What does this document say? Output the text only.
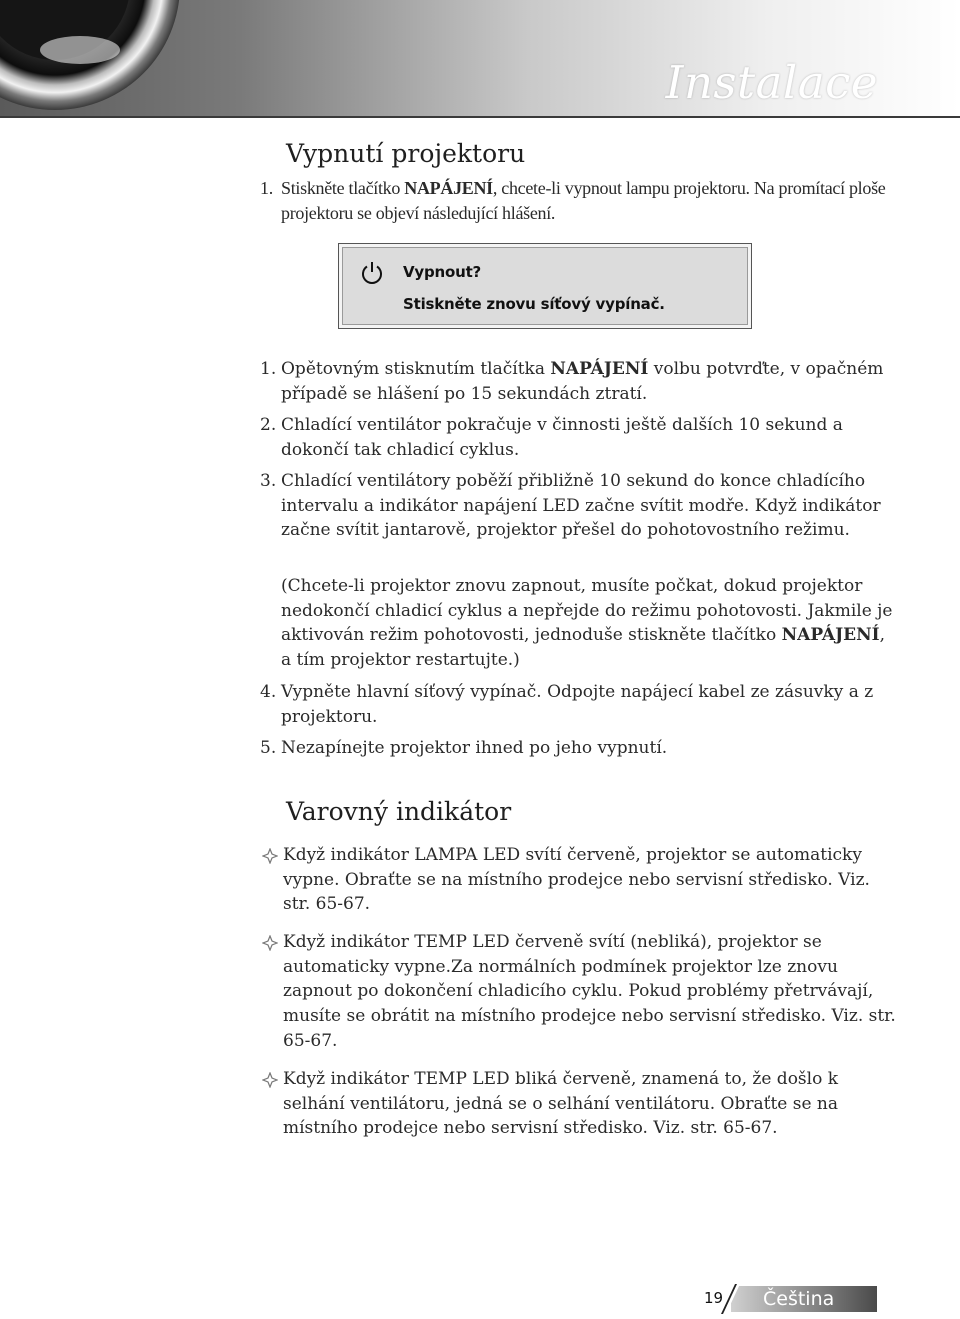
Instalace
Vypnutí projektoru
1. Stiskněte tlačítko NAPÁJENÍ, chcete-li vypnout lampu projektoru. Na promítací ploše projektoru se objeví následující hlášení.
Vypnout?
Stiskněte znovu síťový vypínač.
1. Opětovným stisknutím tlačítka NAPÁJENÍ volbu potvrďte, v opačném případě se hlášení po 15 sekundách ztratí.
2. Chladící ventilátor pokračuje v činnosti ještě dalších 10 sekund a dokončí tak chladicí cyklus.
3. Chladící ventilátory poběží přibližně 10 sekund do konce chladícího intervalu a indikátor napájení LED začne svítit modře. Když indikátor začne svítit jantarově, projektor přešel do pohotovostního režimu.
(Chcete-li projektor znovu zapnout, musíte počkat, dokud projektor nedokončí chladicí cyklus a nepřejde do režimu pohotovosti. Jakmile je aktivován režim pohotovosti, jednoduše stiskněte tlačítko NAPÁJENÍ, a tím projektor restartujte.)
4. Vypněte hlavní síťový vypínač. Odpojte napájecí kabel ze zásuvky a z projektoru.
5. Nezapínejte projektor ihned po jeho vypnutí.
Varovný indikátor
Když indikátor LAMPA LED svítí červeně, projektor se automaticky vypne. Obraťte se na místního prodejce nebo servisní středisko. Viz. str. 65-67.
Když indikátor TEMP LED červeně svítí (nebliká), projektor se automaticky vypne.Za normálních podmínek projektor lze znovu zapnout po dokončení chladicího cyklu. Pokud problémy přetrvávají, musíte se obrátit na místního prodejce nebo servisní středisko. Viz. str. 65-67.
Když indikátor TEMP LED bliká červeně, znamená to, že došlo k selhání ventilátoru, jedná se o selhání ventilátoru. Obraťte se na místního prodejce nebo servisní středisko. Viz. str. 65-67.
19 Čeština
